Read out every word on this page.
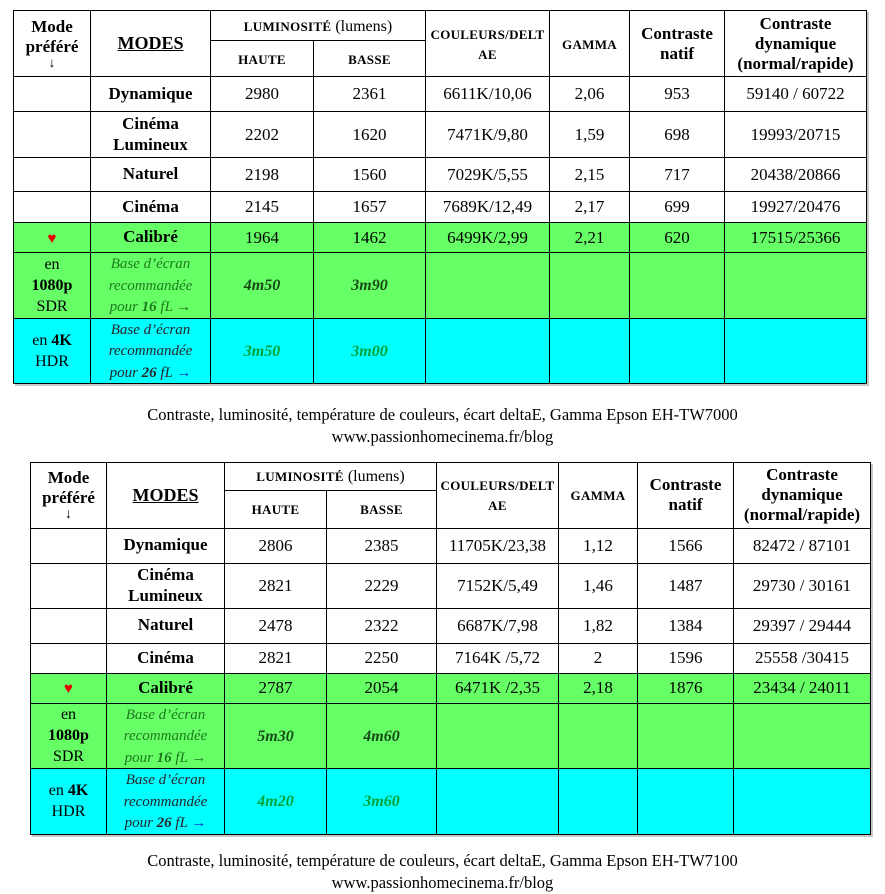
Mode préféré
↓	MODES	LUMINOSITÉ (lumens)		COULEURS/DELT
AE	GAMMA	Contraste natif	Contraste dynamique (normal/rapide)
		HAUTE	BASSE				
	Dynamique	2980	2361	6611K/10,06	2,06	953	59140 / 60722
	Cinéma Lumineux	2202	1620	7471K/9,80	1,59	698	19993/20715
	Naturel	2198	1560	7029K/5,55	2,15	717	20438/20866
	Cinéma	2145	1657	7689K/12,49	2,17	699	19927/20476
♥	Calibré	1964	1462	6499K/2,99	2,21	620	17515/25366
en
1080p
SDR	Base d’écran recommandée pour 16 fL →	4m50	3m90				
en 4K
HDR	Base d’écran recommandée pour 26 fL →	3m50	3m00				
Contraste, luminosité, température de couleurs, écart deltaE, Gamma Epson EH-TW7000
www.passionhomecinema.fr/blog
Mode préféré
↓	MODES	LUMINOSITÉ (lumens)		COULEURS/DELT
AE	GAMMA	Contraste natif	Contraste dynamique (normal/rapide)
		HAUTE	BASSE				
	Dynamique	2806	2385	11705K/23,38	1,12	1566	82472 / 87101
	Cinéma Lumineux	2821	2229	7152K/5,49	1,46	1487	29730 / 30161
	Naturel	2478	2322	6687K/7,98	1,82	1384	29397 / 29444
	Cinéma	2821	2250	7164K /5,72	2	1596	25558 /30415
♥	Calibré	2787	2054	6471K /2,35	2,18	1876	23434 / 24011
en
1080p
SDR	Base d’écran recommandée pour 16 fL →	5m30	4m60				
en 4K
HDR	Base d’écran recommandée pour 26 fL →	4m20	3m60				
Contraste, luminosité, température de couleurs, écart deltaE, Gamma Epson EH-TW7100
www.passionhomecinema.fr/blog
